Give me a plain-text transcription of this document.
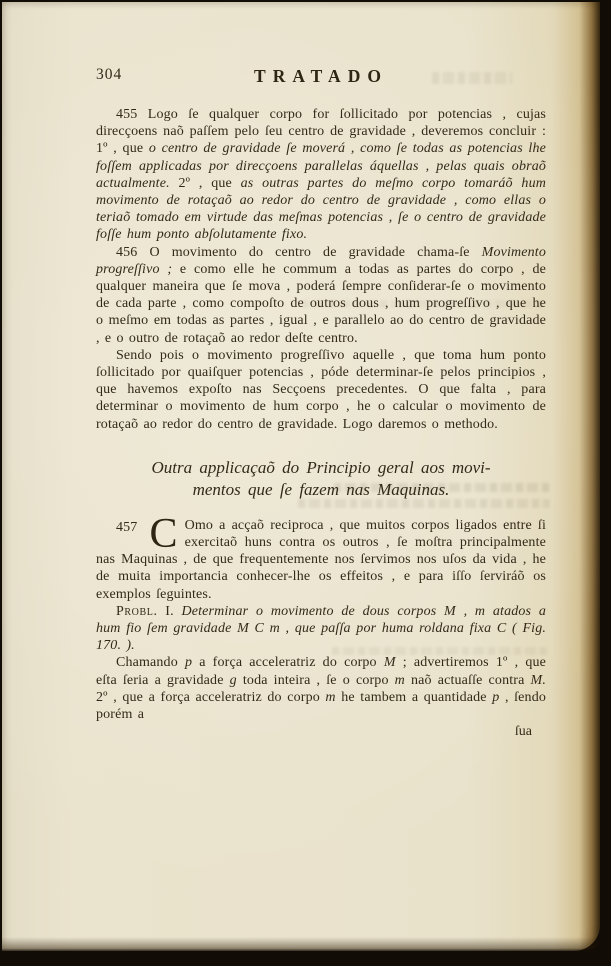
304	TRATADO

455 Logo ſe qualquer corpo for ſollicitado por potencias , cujas direcçoens naõ paſſem pelo ſeu centro de gravidade , deveremos concluir : 1º , que o centro de gravidade ſe moverá , como ſe todas as potencias lhe foſſem applicadas por direcçoens parallelas áquellas , pelas quais obraõ actualmente. 2º , que as outras partes do meſmo corpo tomaráõ hum movimento de rotaçaõ ao redor do centro de gravidade , como ellas o teriaõ tomado em virtude das meſmas potencias , ſe o centro de gravidade foſſe hum ponto abſolutamente fixo.

456 O movimento do centro de gravidade chama-ſe Movimento progreſſivo ; e como elle he commum a todas as partes do corpo , de qualquer maneira que ſe mova , poderá ſempre conſiderar-ſe o movimento de cada parte , como compoſto de outros dous , hum progreſſivo , que he o meſmo em todas as partes , igual , e parallelo ao do centro de gravidade , e o outro de rotaçaõ ao redor deſte centro.

Sendo pois o movimento progreſſivo aquelle , que toma hum ponto ſollicitado por quaiſquer potencias , póde determinar-ſe pelos principios , que havemos expoſto nas Secçoens precedentes. O que falta , para determinar o movimento de hum corpo , he o calcular o movimento de rotaçaõ ao redor do centro de gravidade. Logo daremos o methodo.

Outra applicaçaõ do Principio geral aos movi-
mentos que ſe fazem nas Maquinas.

457 C Omo a acçaõ reciproca , que muitos corpos ligados entre ſi exercitaõ huns contra os outros , ſe moſtra principalmente nas Maquinas , de que frequentemente nos ſervimos nos uſos da vida , he de muita importancia conhecer-lhe os effeitos , e para iſſo ſerviráõ os exemplos ſeguintes.

Probl. I. Determinar o movimento de dous corpos M , m atados a hum fio ſem gravidade M C m , que paſſa por huma roldana fixa C ( Fig. 170. ).

Chamando p a força acceleratriz do corpo M ; advertiremos 1º , que eſta ſeria a gravidade g toda inteira , ſe o corpo m naõ actuaſſe contra M. 2º , que a força acceleratriz do corpo m he tambem a quantidade p , ſendo porém a

ſua
